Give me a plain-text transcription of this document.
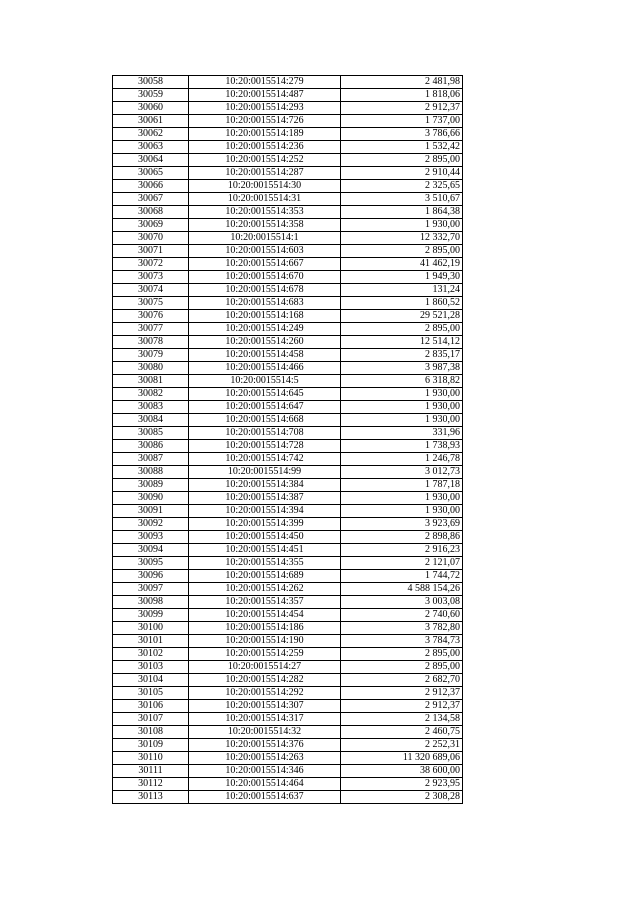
30058	10:20:0015514:279	2 481,98
30059	10:20:0015514:487	1 818,06
30060	10:20:0015514:293	2 912,37
30061	10:20:0015514:726	1 737,00
30062	10:20:0015514:189	3 786,66
30063	10:20:0015514:236	1 532,42
30064	10:20:0015514:252	2 895,00
30065	10:20:0015514:287	2 910,44
30066	10:20:0015514:30	2 325,65
30067	10:20:0015514:31	3 510,67
30068	10:20:0015514:353	1 864,38
30069	10:20:0015514:358	1 930,00
30070	10:20:0015514:1	12 332,70
30071	10:20:0015514:603	2 895,00
30072	10:20:0015514:667	41 462,19
30073	10:20:0015514:670	1 949,30
30074	10:20:0015514:678	131,24
30075	10:20:0015514:683	1 860,52
30076	10:20:0015514:168	29 521,28
30077	10:20:0015514:249	2 895,00
30078	10:20:0015514:260	12 514,12
30079	10:20:0015514:458	2 835,17
30080	10:20:0015514:466	3 987,38
30081	10:20:0015514:5	6 318,82
30082	10:20:0015514:645	1 930,00
30083	10:20:0015514:647	1 930,00
30084	10:20:0015514:668	1 930,00
30085	10:20:0015514:708	331,96
30086	10:20:0015514:728	1 738,93
30087	10:20:0015514:742	1 246,78
30088	10:20:0015514:99	3 012,73
30089	10:20:0015514:384	1 787,18
30090	10:20:0015514:387	1 930,00
30091	10:20:0015514:394	1 930,00
30092	10:20:0015514:399	3 923,69
30093	10:20:0015514:450	2 898,86
30094	10:20:0015514:451	2 916,23
30095	10:20:0015514:355	2 121,07
30096	10:20:0015514:689	1 744,72
30097	10:20:0015514:262	4 588 154,26
30098	10:20:0015514:357	3 003,08
30099	10:20:0015514:454	2 740,60
30100	10:20:0015514:186	3 782,80
30101	10:20:0015514:190	3 784,73
30102	10:20:0015514:259	2 895,00
30103	10:20:0015514:27	2 895,00
30104	10:20:0015514:282	2 682,70
30105	10:20:0015514:292	2 912,37
30106	10:20:0015514:307	2 912,37
30107	10:20:0015514:317	2 134,58
30108	10:20:0015514:32	2 460,75
30109	10:20:0015514:376	2 252,31
30110	10:20:0015514:263	11 320 689,06
30111	10:20:0015514:346	38 600,00
30112	10:20:0015514:464	2 923,95
30113	10:20:0015514:637	2 308,28
